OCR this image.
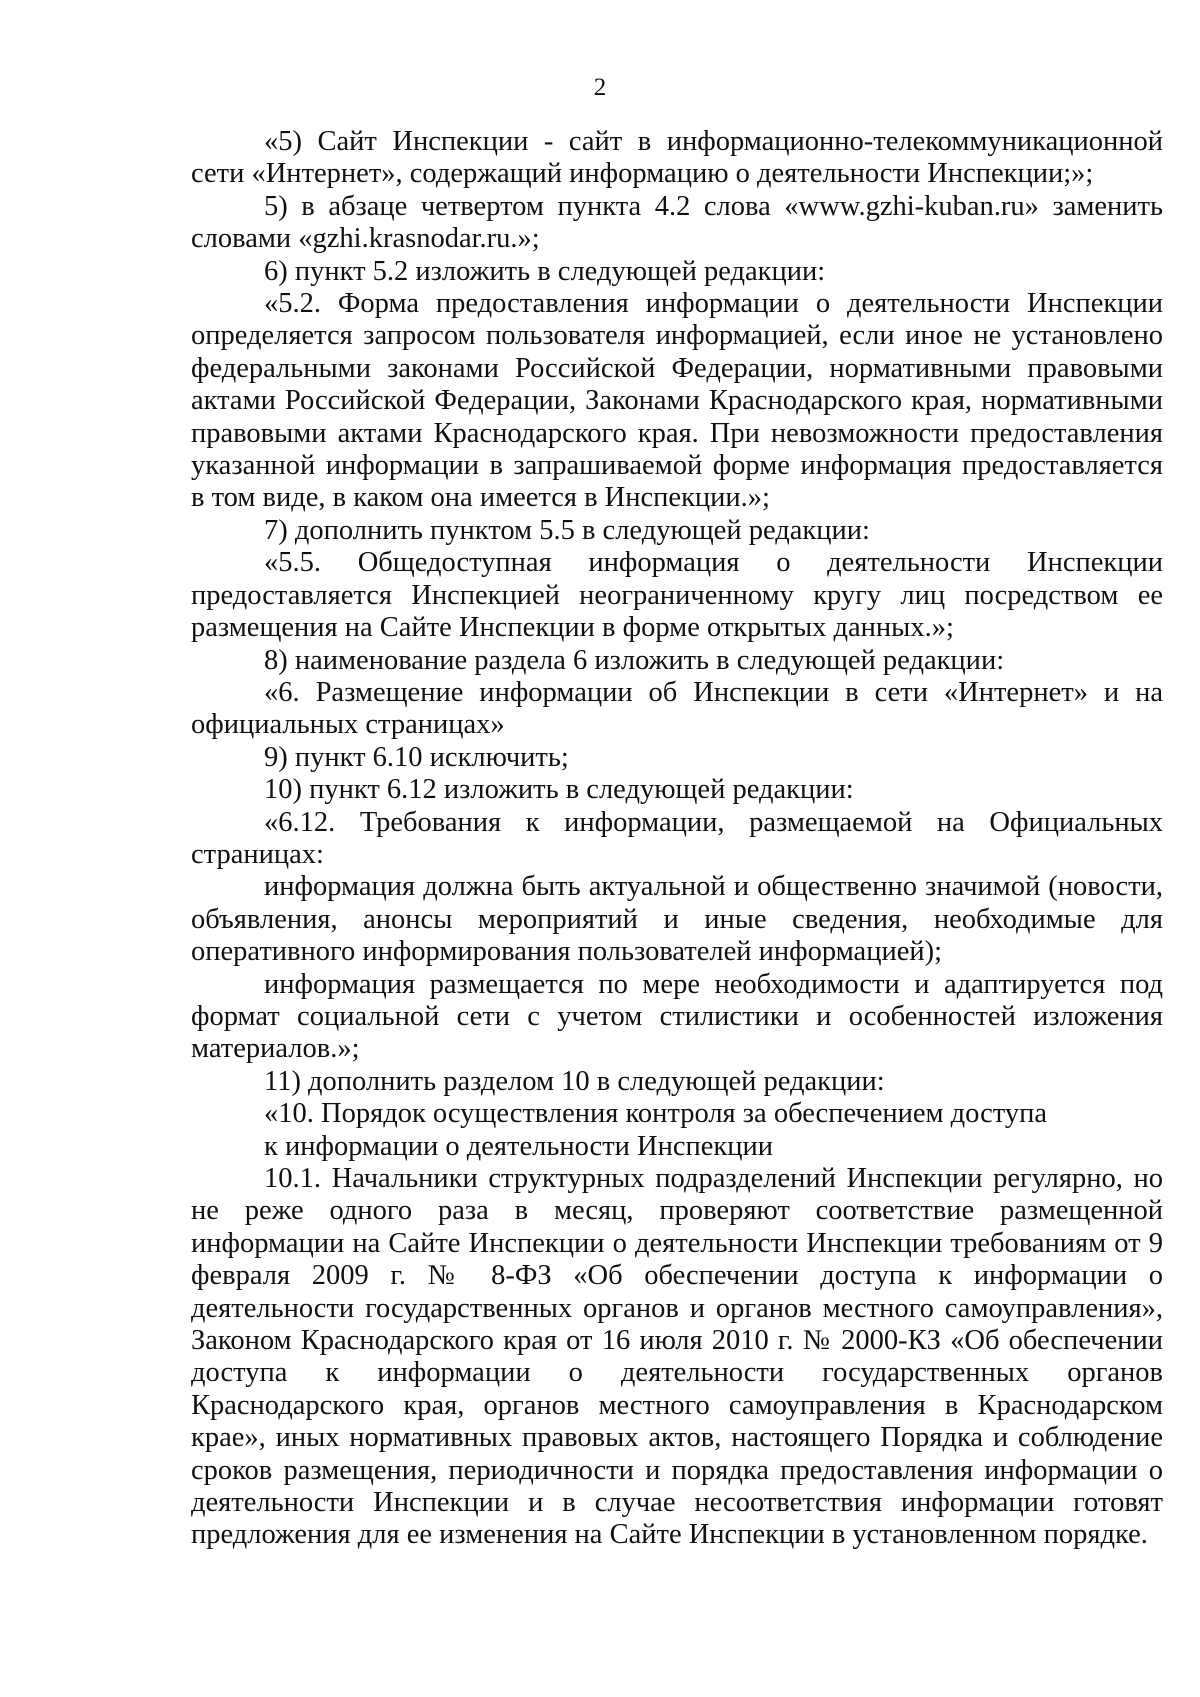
2

«5) Сайт Инспекции - сайт в информационно-телекоммуникационной сети «Интернет», содержащий информацию о деятельности Инспекции;»;

5) в абзаце четвертом пункта 4.2 слова «www.gzhi-kuban.ru» заменить словами «gzhi.krasnodar.ru.»;

6) пункт 5.2 изложить в следующей редакции:

«5.2. Форма предоставления информации о деятельности Инспекции определяется запросом пользователя информацией, если иное не установлено федеральными законами Российской Федерации, нормативными правовыми актами Российской Федерации, Законами Краснодарского края, нормативными правовыми актами Краснодарского края. При невозможности предоставления указанной информации в запрашиваемой форме информация предоставляется в том виде, в каком она имеется в Инспекции.»;

7) дополнить пунктом 5.5 в следующей редакции:

«5.5. Общедоступная информация о деятельности Инспекции предоставляется Инспекцией неограниченному кругу лиц посредством ее размещения на Сайте Инспекции в форме открытых данных.»;

8) наименование раздела 6 изложить в следующей редакции:

«6. Размещение информации об Инспекции в сети «Интернет» и на официальных страницах»

9) пункт 6.10 исключить;

10) пункт 6.12 изложить в следующей редакции:

«6.12. Требования к информации, размещаемой на Официальных страницах:

информация должна быть актуальной и общественно значимой (новости, объявления, анонсы мероприятий и иные сведения, необходимые для оперативного информирования пользователей информацией);

информация размещается по мере необходимости и адаптируется под формат социальной сети с учетом стилистики и особенностей изложения материалов.»;

11) дополнить разделом 10 в следующей редакции:

«10. Порядок осуществления контроля за обеспечением доступа

к информации о деятельности Инспекции

10.1. Начальники структурных подразделений Инспекции регулярно, но не реже одного раза в месяц, проверяют соответствие размещенной информации на Сайте Инспекции о деятельности Инспекции требованиям от 9 февраля 2009 г. № 8-ФЗ «Об обеспечении доступа к информации о деятельности государственных органов и органов местного самоуправления», Законом Краснодарского края от 16 июля 2010 г. № 2000-КЗ «Об обеспечении доступа к информации о деятельности государственных органов Краснодарского края, органов местного самоуправления в Краснодарском крае», иных нормативных правовых актов, настоящего Порядка и соблюдение сроков размещения, периодичности и порядка предоставления информации о деятельности Инспекции и в случае несоответствия информации готовят предложения для ее изменения на Сайте Инспекции в установленном порядке.
